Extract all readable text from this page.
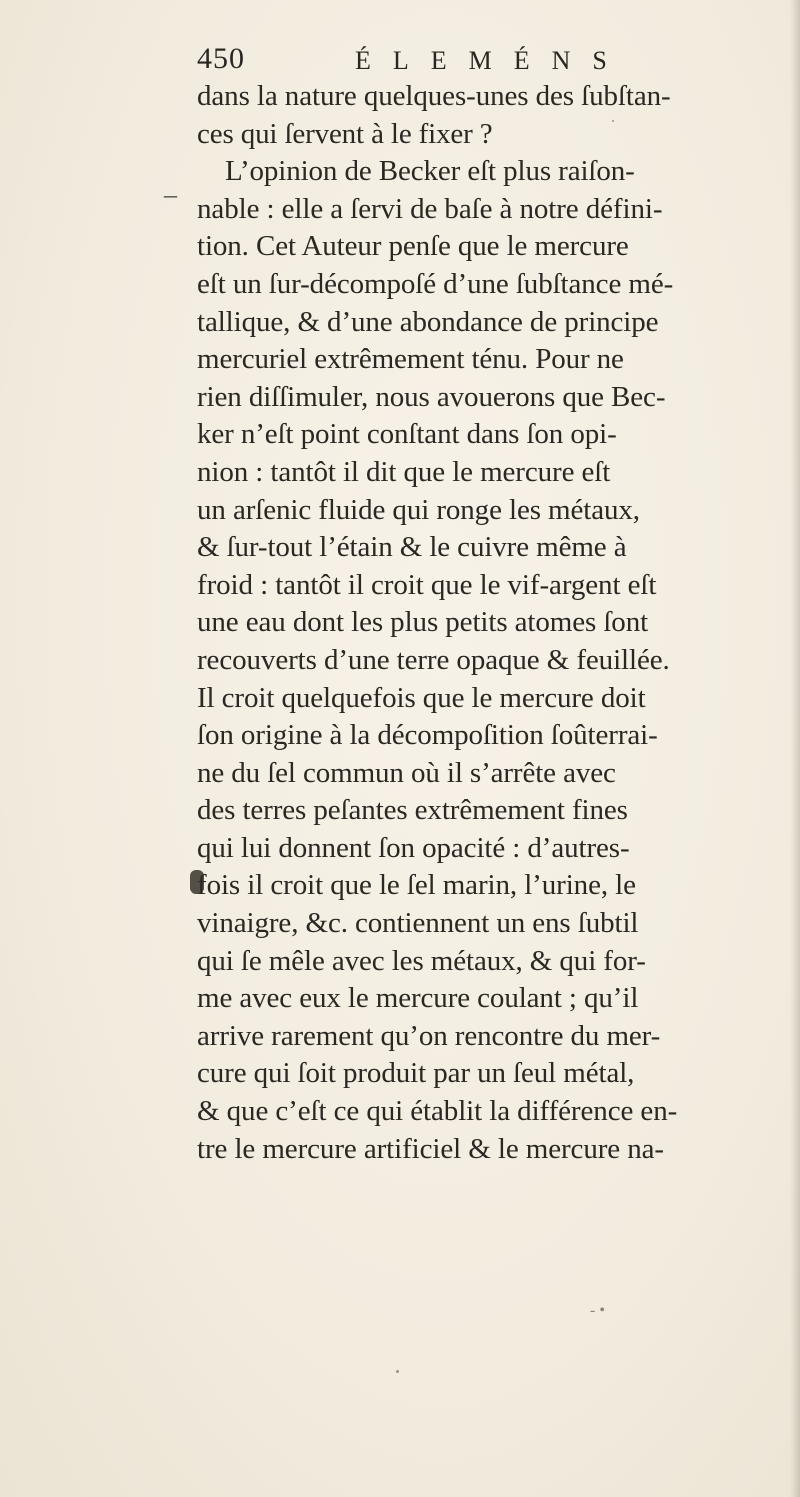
450	ÉLEMÉNS
–
dans la nature quelques-unes des ſubſtan-
ces qui ſervent à le fixer ?
L’opinion de Becker eſt plus raiſon-
nable : elle a ſervi de baſe à notre défini-
tion. Cet Auteur penſe que le mercure
eſt un ſur-décompoſé d’une ſubſtance mé-
tallique, & d’une abondance de principe
mercuriel extrêmement ténu. Pour ne
rien diſſimuler, nous avouerons que Bec-
ker n’eſt point conſtant dans ſon opi-
nion : tantôt il dit que le mercure eſt
un arſenic fluide qui ronge les métaux,
& ſur-tout l’étain & le cuivre même à
froid : tantôt il croit que le vif-argent eſt
une eau dont les plus petits atomes ſont
recouverts d’une terre opaque & feuillée.
Il croit quelquefois que le mercure doit
ſon origine à la décompoſition ſoûterrai-
ne du ſel commun où il s’arrête avec
des terres peſantes extrêmement fines
qui lui donnent ſon opacité : d’autres-
fois il croit que le ſel marin, l’urine, le
vinaigre, &c. contiennent un ens ſubtil
qui ſe mêle avec les métaux, & qui for-
me avec eux le mercure coulant ; qu’il
arrive rarement qu’on rencontre du mer-
cure qui ſoit produit par un ſeul métal,
& que c’eſt ce qui établit la différence en-
tre le mercure artificiel & le mercure na-
- •
